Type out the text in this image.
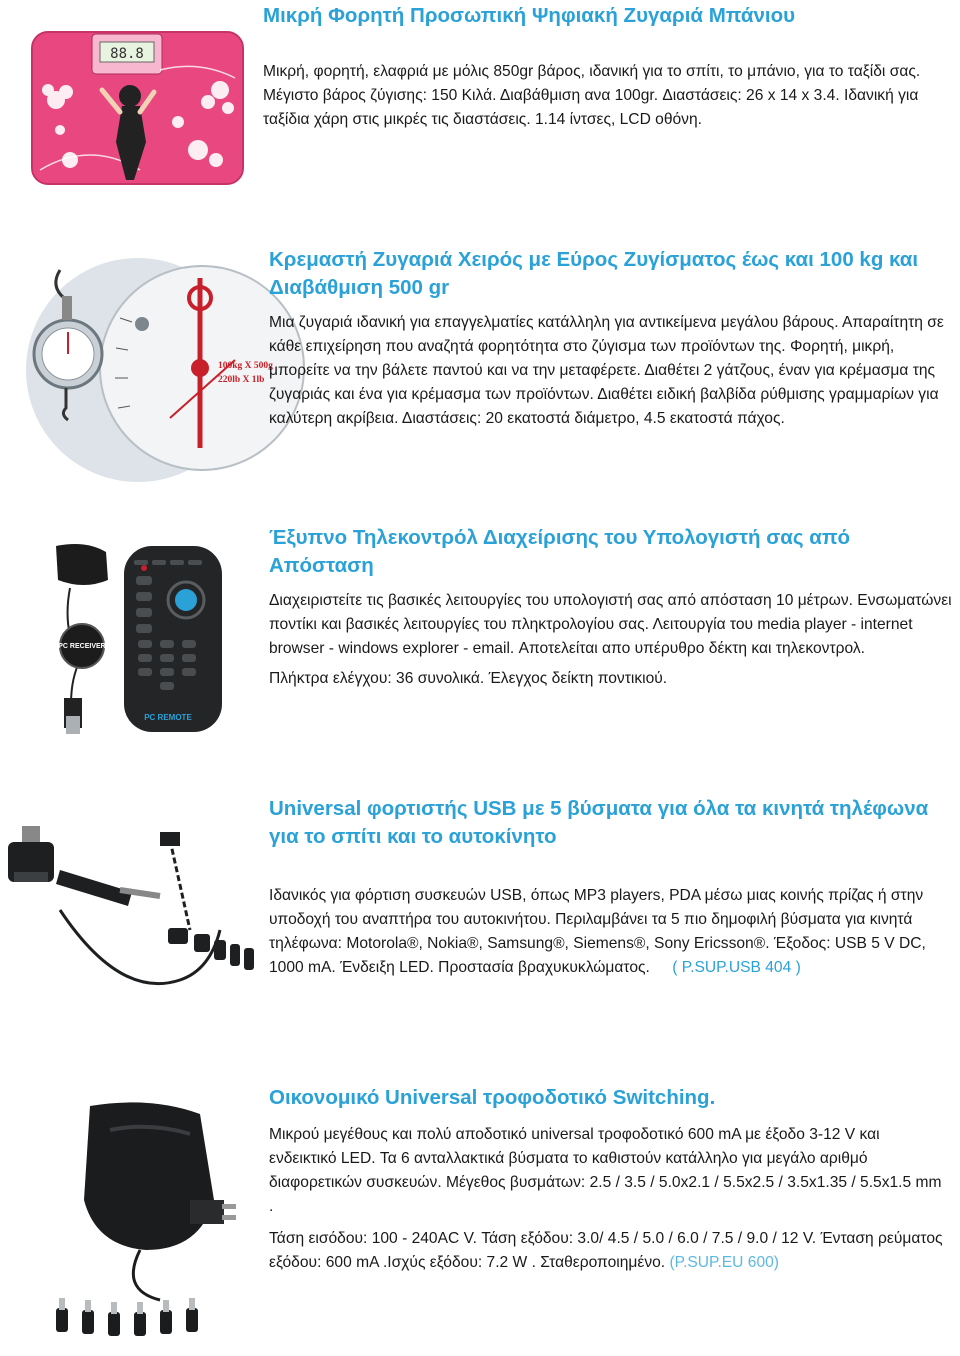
88.8
Μικρή Φορητή Προσωπική Ψηφιακή Ζυγαριά Μπάνιου

Μικρή, φορητή, ελαφριά με μόλις 850gr βάρος, ιδανική για το σπίτι, το μπάνιο, για το ταξίδι σας. Μέγιστο βάρος ζύγισης: 150 Κιλά. Διαβάθμιση ανα 100gr. Διαστάσεις: 26 x 14 x 3.4. Ιδανική για ταξίδια χάρη στις μικρές τις διαστάσεις. 1.14 ίντσες, LCD οθόνη.

100kg X 500g
220lb X 1lb
Κρεμαστή Ζυγαριά Χειρός με Εύρος Ζυγίσματος έως και 100 kg και Διαβάθμιση 500 gr

Μια ζυγαριά ιδανική για επαγγελματίες κατάλληλη για αντικείμενα μεγάλου βάρους. Απαραίτητη σε κάθε επιχείρηση που αναζητά φορητότητα στο ζύγισμα των προϊόντων της. Φορητή, μικρή, μπορείτε να την βάλετε παντού και να την μεταφέρετε. Διαθέτει 2 γάτζους, έναν για κρέμασμα της ζυγαριάς και ένα για κρέμασμα των προϊόντων. Διαθέτει ειδική βαλβίδα ρύθμισης γραμμαρίων για καλύτερη ακρίβεια. Διαστάσεις: 20 εκατοστά διάμετρο, 4.5 εκατοστά πάχος.

PC RECEIVER
PC REMOTE
Έξυπνο Τηλεκοντρόλ Διαχείρισης του Υπολογιστή σας από Απόσταση

Διαχειριστείτε τις βασικές λειτουργίες του υπολογιστή σας από απόσταση 10 μέτρων. Ενσωματώνει ποντίκι και βασικές λειτουργίες του πληκτρολογίου σας. Λειτουργία του media player - internet browser - windows explorer - email. Αποτελείται απο υπέρυθρο δέκτη και τηλεκοντρολ.

Πλήκτρα ελέγχου: 36 συνολικά. Έλεγχος δείκτη ποντικιού.

Universal φορτιστής USB με 5 βύσματα για όλα τα κινητά τηλέφωνα για το σπίτι και το αυτοκίνητο

Ιδανικός για φόρτιση συσκευών USB, όπως MP3 players, PDA μέσω μιας κοινής πρίζας ή στην υποδοχή του αναπτήρα του αυτοκινήτου. Περιλαμβάνει τα 5 πιο δημοφιλή βύσματα για κινητά τηλέφωνα: Motorola®, Nokia®, Samsung®, Siemens®, Sony Ericsson®. Έξοδος: USB 5 V DC, 1000 mA. Ένδειξη LED. Προστασία βραχυκυκλώματος. ( P.SUP.USB 404 )

Οικονομικό Universal τροφοδοτικό Switching.

Μικρού μεγέθους και πολύ αποδοτικό universal τροφοδοτικό 600 mA με έξοδο 3-12 V και ενδεικτικό LED. Τα 6 ανταλλακτικά βύσματα το καθιστούν κατάλληλο για μεγάλο αριθμό διαφορετικών συσκευών. Μέγεθος βυσμάτων: 2.5 / 3.5 / 5.0x2.1 / 5.5x2.5 / 3.5x1.35 / 5.5x1.5 mm .

Τάση εισόδου: 100 - 240AC V. Τάση εξόδου: 3.0/ 4.5 / 5.0 / 6.0 / 7.5 / 9.0 / 12 V. Ένταση ρεύματος εξόδου: 600 mA .Ισχύς εξόδου: 7.2 W . Σταθεροποιημένο. (P.SUP.EU 600)
